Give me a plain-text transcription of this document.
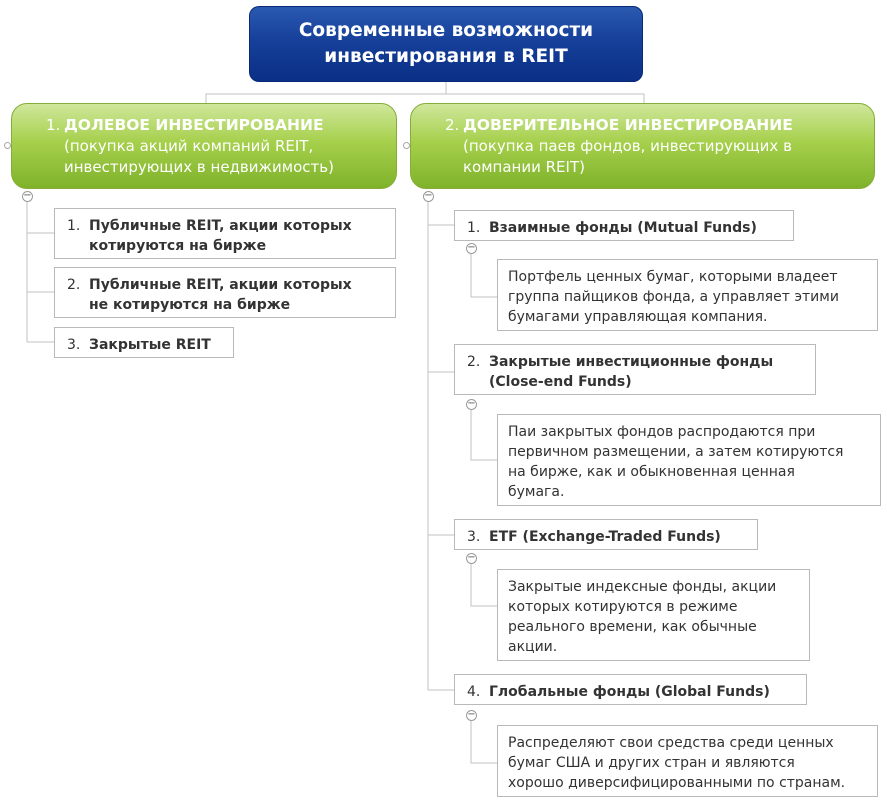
Современные возможности
инвестирования в REIT
1. ДОЛЕВОЕ ИНВЕСТИРОВАНИЕ
(покупка акций компаний REIT,
инвестирующих в недвижимость)
−
1. Публичные REIT, акции которых
котируются на бирже
2. Публичные REIT, акции которых
не котируются на бирже
3. Закрытые REIT
2. ДОВЕРИТЕЛЬНОЕ ИНВЕСТИРОВАНИЕ
(покупка паев фондов, инвестирующих в
компании REIT)
−
1. Взаимные фонды (Mutual Funds)
−
Портфель ценных бумаг, которыми владеет
группа пайщиков фонда, а управляет этими
бумагами управляющая компания.
2. Закрытые инвестиционные фонды
(Close-end Funds)
−
Паи закрытых фондов распродаются при
первичном размещении, а затем котируются
на бирже, как и обыкновенная ценная
бумага.
3. ETF (Exchange-Traded Funds)
−
Закрытые индексные фонды, акции
которых котируются в режиме
реального времени, как обычные
акции.
4. Глобальные фонды (Global Funds)
−
Распределяют свои средства среди ценных
бумаг США и других стран и являются
хорошо диверсифицированными по странам.
